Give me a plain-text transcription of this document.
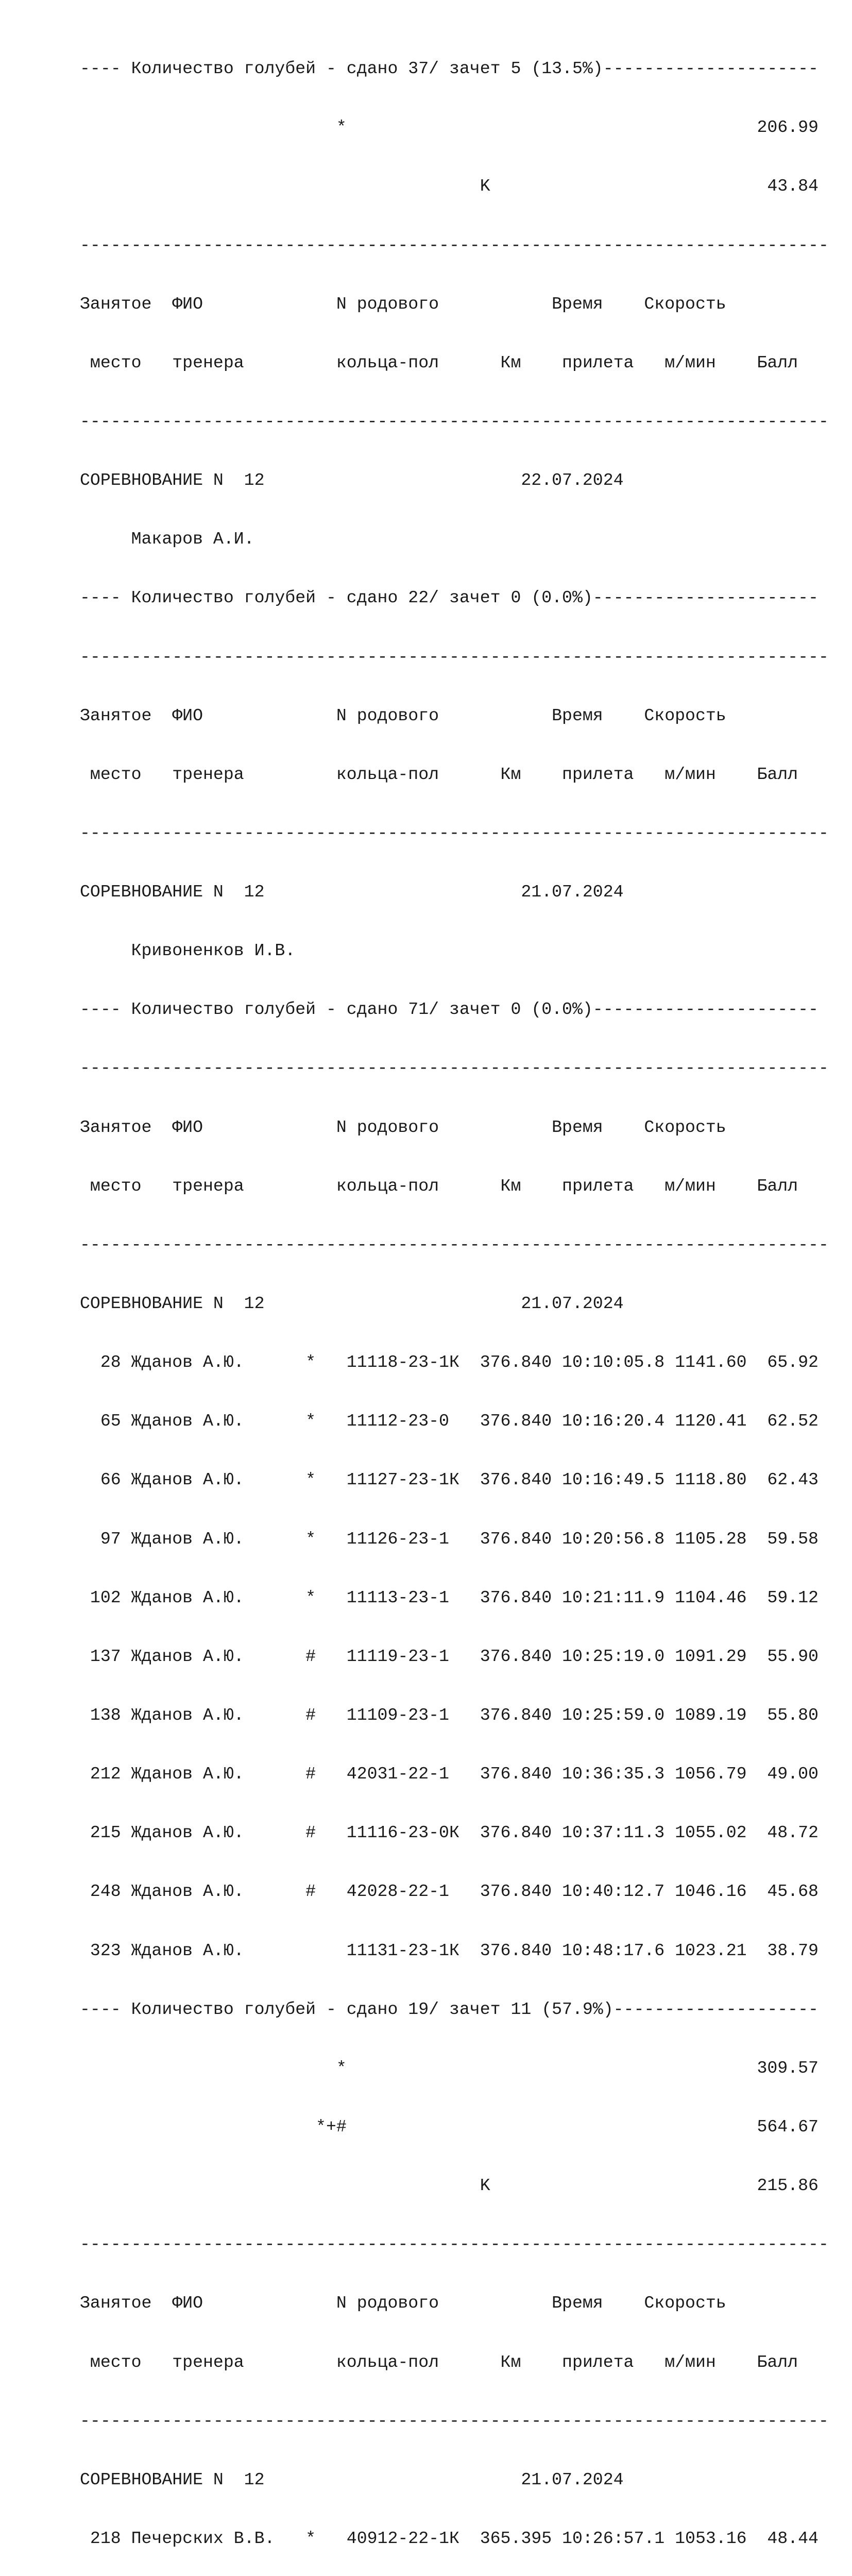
---- Количество голубей - сдано 37/ зачет 5 (13.5%)---------------------

*                                        206.99

K                           43.84

-------------------------------------------------------------------------

Занятое  ФИО             N родового           Время    Скорость

место   тренера         кольца-пол      Км    прилета   м/мин    Балл

-------------------------------------------------------------------------

СОРЕВНОВАНИЕ N  12                         22.07.2024

Макаров А.И.

---- Количество голубей - сдано 22/ зачет 0 (0.0%)----------------------

-------------------------------------------------------------------------

Занятое  ФИО             N родового           Время    Скорость

место   тренера         кольца-пол      Км    прилета   м/мин    Балл

-------------------------------------------------------------------------

СОРЕВНОВАНИЕ N  12                         21.07.2024

Кривоненков И.В.

---- Количество голубей - сдано 71/ зачет 0 (0.0%)----------------------

-------------------------------------------------------------------------

Занятое  ФИО             N родового           Время    Скорость

место   тренера         кольца-пол      Км    прилета   м/мин    Балл

-------------------------------------------------------------------------

СОРЕВНОВАНИЕ N  12                         21.07.2024

28 Жданов А.Ю.      *   11118-23-1К  376.840 10:10:05.8 1141.60  65.92

65 Жданов А.Ю.      *   11112-23-0   376.840 10:16:20.4 1120.41  62.52

66 Жданов А.Ю.      *   11127-23-1К  376.840 10:16:49.5 1118.80  62.43

97 Жданов А.Ю.      *   11126-23-1   376.840 10:20:56.8 1105.28  59.58

102 Жданов А.Ю.      *   11113-23-1   376.840 10:21:11.9 1104.46  59.12

137 Жданов А.Ю.      #   11119-23-1   376.840 10:25:19.0 1091.29  55.90

138 Жданов А.Ю.      #   11109-23-1   376.840 10:25:59.0 1089.19  55.80

212 Жданов А.Ю.      #   42031-22-1   376.840 10:36:35.3 1056.79  49.00

215 Жданов А.Ю.      #   11116-23-0К  376.840 10:37:11.3 1055.02  48.72

248 Жданов А.Ю.      #   42028-22-1   376.840 10:40:12.7 1046.16  45.68

323 Жданов А.Ю.          11131-23-1К  376.840 10:48:17.6 1023.21  38.79

---- Количество голубей - сдано 19/ зачет 11 (57.9%)--------------------

*                                        309.57

*+#                                        564.67

K                          215.86

-------------------------------------------------------------------------

Занятое  ФИО             N родового           Время    Скорость

место   тренера         кольца-пол      Км    прилета   м/мин    Балл

-------------------------------------------------------------------------

СОРЕВНОВАНИЕ N  12                         21.07.2024

218 Печерских В.В.   *   40912-22-1К  365.395 10:26:57.1 1053.16  48.44
